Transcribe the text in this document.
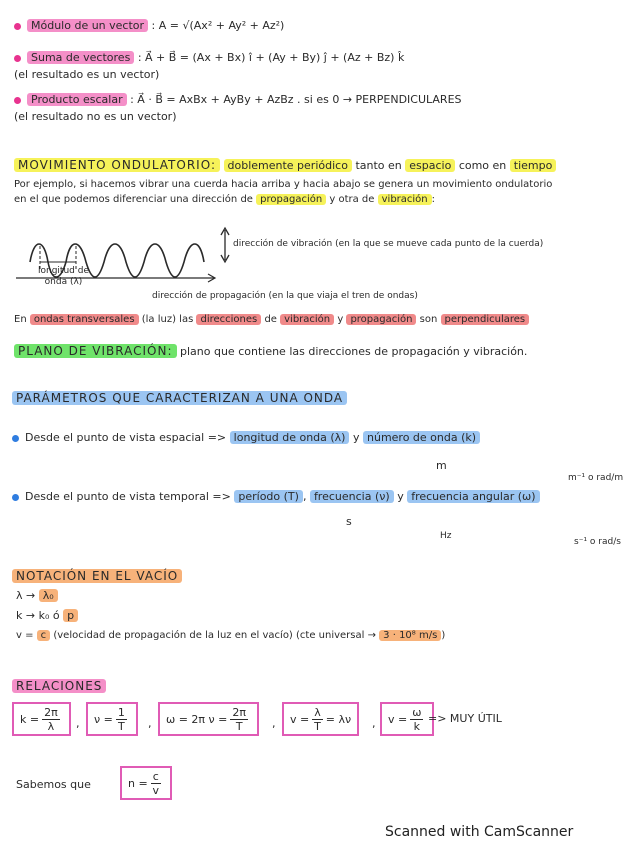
Módulo de un vector : A = √(Ax² + Ay² + Az²)
Suma de vectores : A⃗ + B⃗ = (Ax + Bx) î + (Ay + By) ĵ + (Az + Bz) k̂
(el resultado es un vector)
Producto escalar : A⃗ · B⃗ = AxBx + AyBy + AzBz . si es 0 → PERPENDICULARES
(el resultado no es un vector)
MOVIMIENTO ONDULATORIO: doblemente periódico tanto en espacio como en tiempo
Por ejemplo, si hacemos vibrar una cuerda hacia arriba y hacia abajo se genera un movimiento ondulatorio
en el que podemos diferenciar una dirección de propagación y otra de vibración :
dirección de vibración (en la que se mueve cada punto de la cuerda)
longitud de
onda (λ)
dirección de propagación (en la que viaja el tren de ondas)
En ondas transversales (la luz) las direcciones de vibración y propagación son perpendiculares
PLANO DE VIBRACIÓN: plano que contiene las direcciones de propagación y vibración.
PARÁMETROS QUE CARACTERIZAN A UNA ONDA
Desde el punto de vista espacial => longitud de onda (λ) y número de onda (k)
m
m⁻¹ o rad/m
Desde el punto de vista temporal => período (T) , frecuencia (ν) y frecuencia angular (ω)
s
Hz
s⁻¹ o rad/s
NOTACIÓN EN EL VACÍO
λ → λ₀
k → k₀ ó p
v = c (velocidad de propagación de la luz en el vacío) (cte universal → 3 · 10⁸ m/s )
RELACIONES
$k = \frac{2\pi}{\lambda}$ , $\nu = \frac{1}{T}$ , ω = 2π $\nu = \frac{2\pi}{T}$ , $v = \frac{\lambda}{T} = \lambda\nu$ , $v = \frac{\omega}{k}$ => MUY ÚTIL
Sabemos que	$n = \frac{c}{v}$
Scanned with CamScanner
